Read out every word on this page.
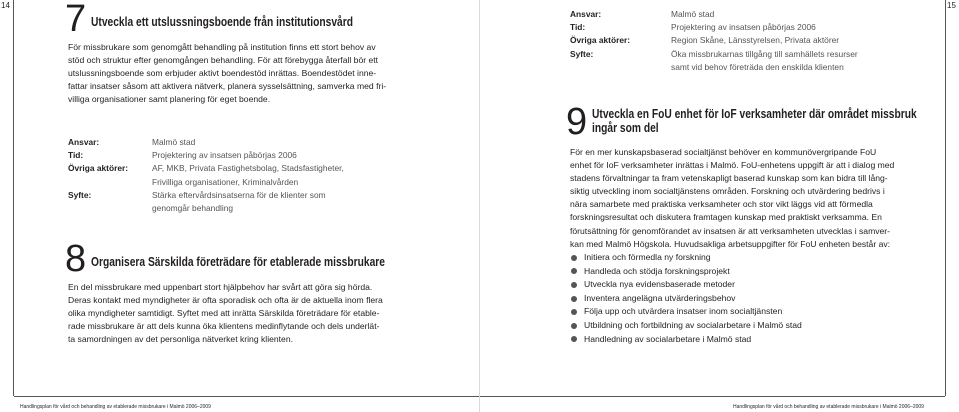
14	15
7 Utveckla ett utslussningsboende från institutionsvård

För missbrukare som genomgått behandling på institution finns ett stort behov av

stöd och struktur efter genomgången behandling. För att förebygga återfall bör ett

utslussningsboende som erbjuder aktivt boendestöd inrättas. Boendestödet inne-

fattar insatser såsom att aktivera nätverk, planera sysselsättning, samverka med fri-

villiga organisationer samt planering för eget boende.

Ansvar:	Malmö stad
Tid:	Projektering av insatsen påbörjas 2006
Övriga aktörer:	AF, MKB, Privata Fastighetsbolag, Stadsfastigheter,
Frivilliga organisationer, Kriminalvården
Syfte:	Stärka eftervårdsinsatserna för de klienter som
genomgår behandling
8 Organisera Särskilda företrädare för etablerade missbrukare

En del missbrukare med uppenbart stort hjälpbehov har svårt att göra sig hörda.

Deras kontakt med myndigheter är ofta sporadisk och ofta är de aktuella inom flera

olika myndigheter samtidigt. Syftet med att inrätta Särskilda företrädare för etable-

rade missbrukare är att dels kunna öka klientens medinflytande och dels underlät-

ta samordningen av det personliga nätverket kring klienten.

Handlingsplan för vård och behandling av etablerade missbrukare i Malmö 2006–2009
Ansvar:	Malmö stad
Tid:	Projektering av insatsen påbörjas 2006
Övriga aktörer:	Region Skåne, Länsstyrelsen, Privata aktörer
Syfte:	Öka missbrukarnas tillgång till samhällets resurser
samt vid behov företräda den enskilda klienten
9 Utveckla en FoU enhet för IoF verksamheter där området missbruk
ingår som del

För en mer kunskapsbaserad socialtjänst behöver en kommunövergripande FoU

enhet för IoF verksamheter inrättas i Malmö. FoU-enhetens uppgift är att i dialog med

stadens förvaltningar ta fram vetenskapligt baserad kunskap som kan bidra till lång-

siktig utveckling inom socialtjänstens områden. Forskning och utvärdering bedrivs i

nära samarbete med praktiska verksamheter och stor vikt läggs vid att förmedla

forskningsresultat och diskutera framtagen kunskap med praktiskt verksamma. En

förutsättning för genomförandet av insatsen är att verksamheten utvecklas i samver-

kan med Malmö Högskola. Huvudsakliga arbetsuppgifter för FoU enheten består av:

Initiera och förmedla ny forskning
Handleda och stödja forskningsprojekt
Utveckla nya evidensbaserade metoder
Inventera angelägna utvärderingsbehov
Följa upp och utvärdera insatser inom socialtjänsten
Utbildning och fortbildning av socialarbetare i Malmö stad
Handledning av socialarbetare i Malmö stad
Handlingsplan för vård och behandling av etablerade missbrukare i Malmö 2006–2009
